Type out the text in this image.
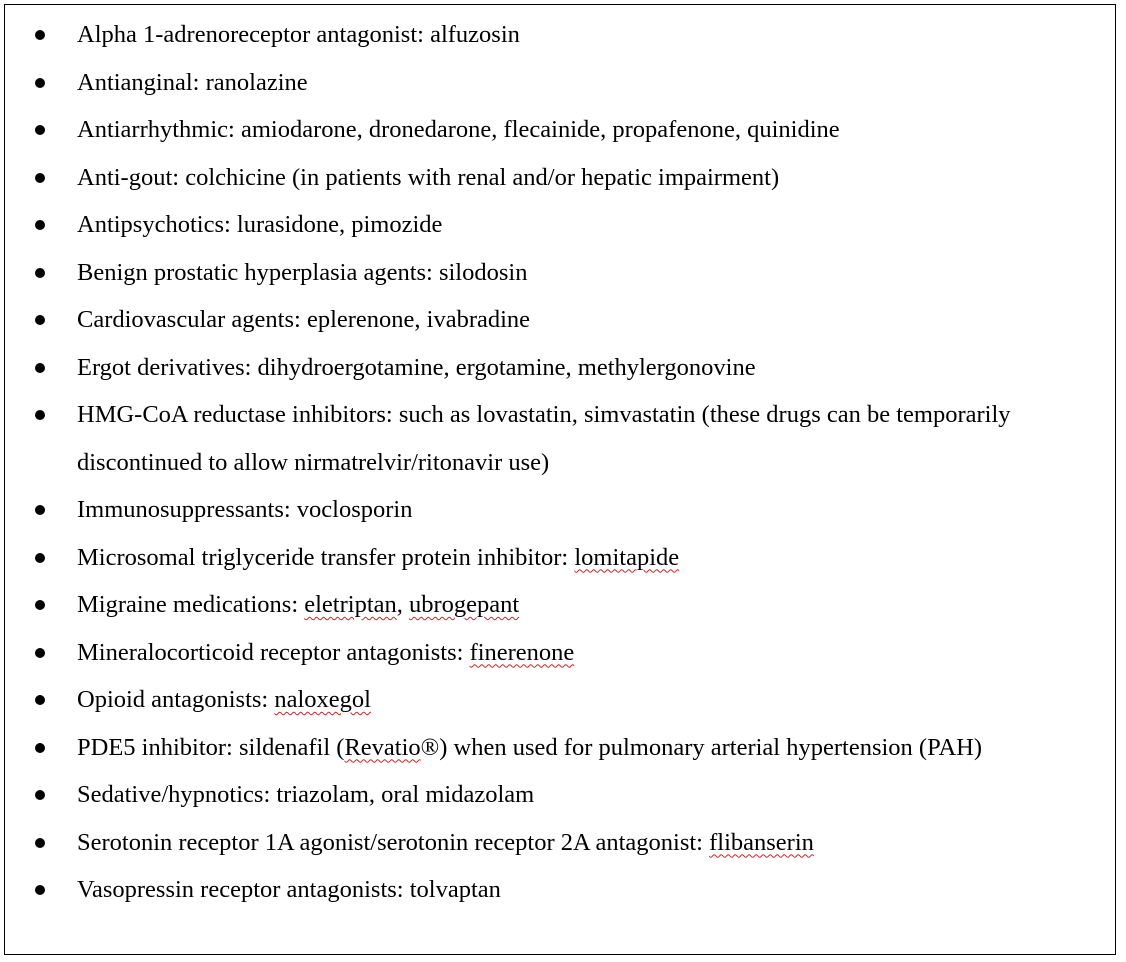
Alpha 1-adrenoreceptor antagonist: alfuzosin
Antianginal: ranolazine
Antiarrhythmic: amiodarone, dronedarone, flecainide, propafenone, quinidine
Anti-gout: colchicine (in patients with renal and/or hepatic impairment)
Antipsychotics: lurasidone, pimozide
Benign prostatic hyperplasia agents: silodosin
Cardiovascular agents: eplerenone, ivabradine
Ergot derivatives: dihydroergotamine, ergotamine, methylergonovine
HMG-CoA reductase inhibitors: such as lovastatin, simvastatin (these drugs can be temporarily discontinued to allow nirmatrelvir/ritonavir use)
Immunosuppressants: voclosporin
Microsomal triglyceride transfer protein inhibitor: lomitapide
Migraine medications: eletriptan, ubrogepant
Mineralocorticoid receptor antagonists: finerenone
Opioid antagonists: naloxegol
PDE5 inhibitor: sildenafil (Revatio®) when used for pulmonary arterial hypertension (PAH)
Sedative/hypnotics: triazolam, oral midazolam
Serotonin receptor 1A agonist/serotonin receptor 2A antagonist: flibanserin
Vasopressin receptor antagonists: tolvaptan
